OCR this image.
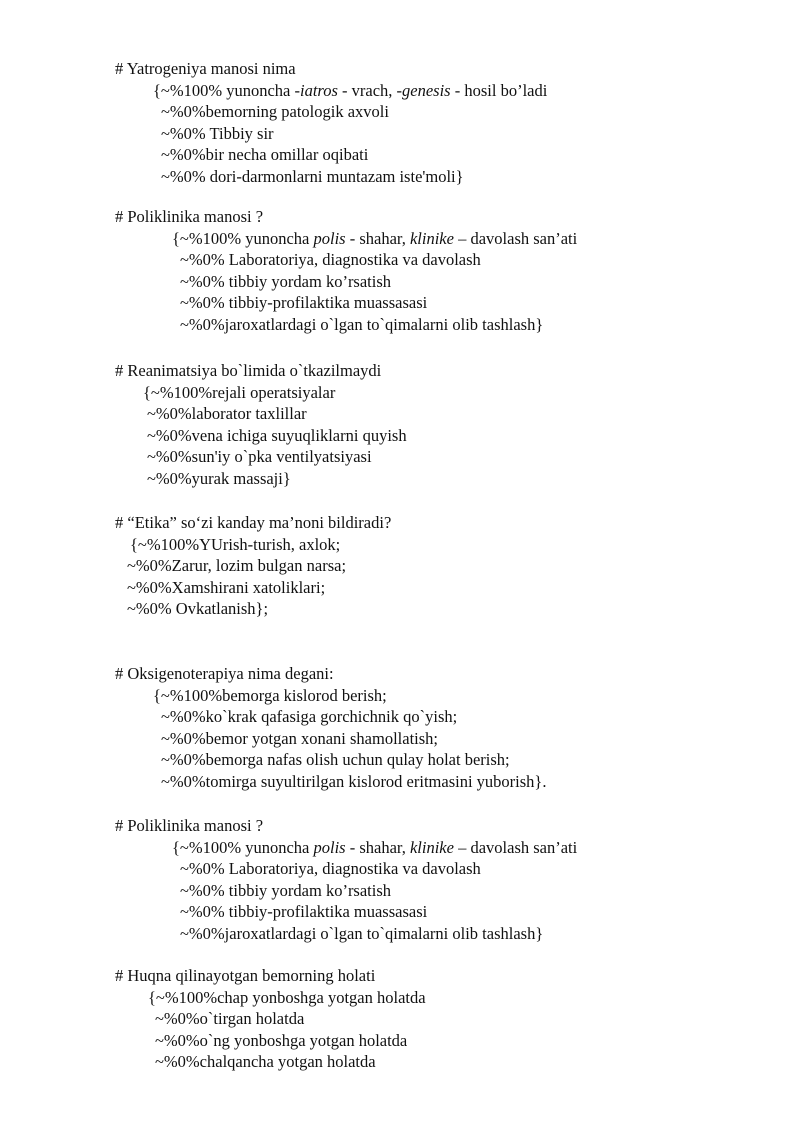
# Yatrogeniya manosi nima
{~%100% yunoncha -iatros - vrach, -genesis - hosil bo’ladi
~%0%bemorning patologik axvoli
~%0% Tibbiy sir
~%0%bir necha omillar oqibati
~%0% dori-darmonlarni muntazam iste'moli}
# Poliklinika manosi ?
{~%100% yunoncha polis - shahar, klinike – davolash san’ati
~%0% Laboratoriya, diagnostika va davolash
~%0% tibbiy yordam ko’rsatish
~%0% tibbiy-profilaktika muassasasi
~%0%jaroxatlardagi o`lgan to`qimalarni olib tashlash}
# Reanimatsiya bo`limida o`tkazilmaydi
{~%100%rejali operatsiyalar
~%0%laborator taxlillar
~%0%vena ichiga suyuqliklarni quyish
~%0%sun'iy o`pka ventilyatsiyasi
~%0%yurak massaji}
# “Etika” so‘zi kanday ma’noni bildiradi?
{~%100%YUrish-turish, axlok;
~%0%Zarur, lozim bulgan narsa;
~%0%Xamshirani xatoliklari;
~%0% Ovkatlanish};
# Oksigenoterapiya nima degani:
{~%100%bemorga kislorod berish;
~%0%ko`krak qafasiga gorchichnik qo`yish;
~%0%bemor yotgan xonani shamollatish;
~%0%bemorga nafas olish uchun qulay holat berish;
~%0%tomirga suyultirilgan kislorod eritmasini yuborish}.
# Poliklinika manosi ?
{~%100% yunoncha polis - shahar, klinike – davolash san’ati
~%0% Laboratoriya, diagnostika va davolash
~%0% tibbiy yordam ko’rsatish
~%0% tibbiy-profilaktika muassasasi
~%0%jaroxatlardagi o`lgan to`qimalarni olib tashlash}
# Huqna qilinayotgan bemorning holati
{~%100%chap yonboshga yotgan holatda
~%0%o`tirgan holatda
~%0%o`ng yonboshga yotgan holatda
~%0%chalqancha yotgan holatda
